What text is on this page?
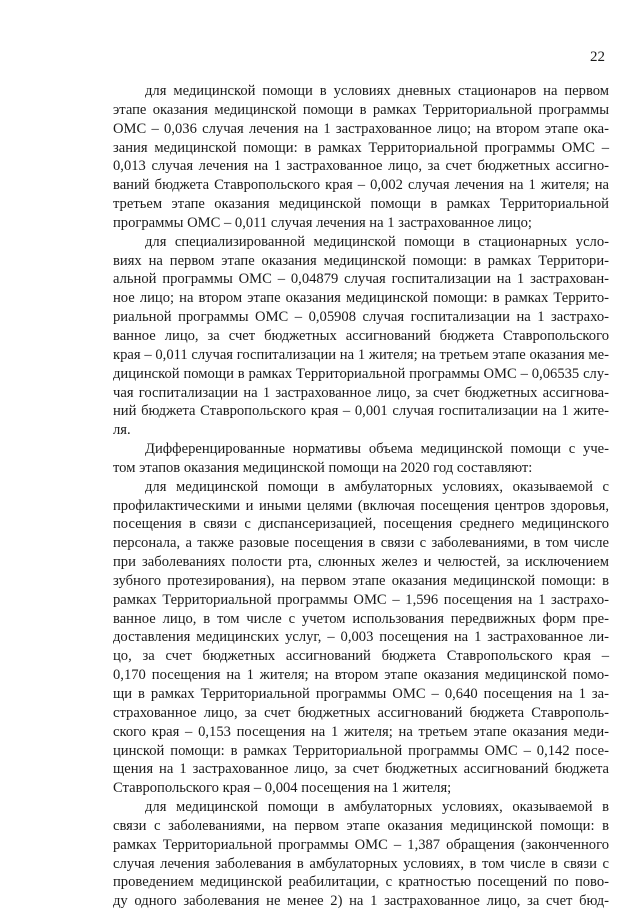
22
для медицинской помощи в условиях дневных стационаров на первом
этапе оказания медицинской помощи в рамках Территориальной программы
ОМС – 0,036 случая лечения на 1 застрахованное лицо; на втором этапе ока-
зания медицинской помощи: в рамках Территориальной программы ОМС –
0,013 случая лечения на 1 застрахованное лицо, за счет бюджетных ассигно-
ваний бюджета Ставропольского края – 0,002 случая лечения на 1 жителя; на
третьем этапе оказания медицинской помощи в рамках Территориальной
программы ОМС – 0,011 случая лечения на 1 застрахованное лицо;
для специализированной медицинской помощи в стационарных усло-
виях на первом этапе оказания медицинской помощи: в рамках Территори-
альной программы ОМС – 0,04879 случая госпитализации на 1 застрахован-
ное лицо; на втором этапе оказания медицинской помощи: в рамках Террито-
риальной программы ОМС – 0,05908 случая госпитализации на 1 застрахо-
ванное лицо, за счет бюджетных ассигнований бюджета Ставропольского
края – 0,011 случая госпитализации на 1 жителя; на третьем этапе оказания ме-
дицинской помощи в рамках Территориальной программы ОМС – 0,06535 слу-
чая госпитализации на 1 застрахованное лицо, за счет бюджетных ассигнова-
ний бюджета Ставропольского края – 0,001 случая госпитализации на 1 жите-
ля.
Дифференцированные нормативы объема медицинской помощи с уче-
том этапов оказания медицинской помощи на 2020 год составляют:
для медицинской помощи в амбулаторных условиях, оказываемой с
профилактическими и иными целями (включая посещения центров здоровья,
посещения в связи с диспансеризацией, посещения среднего медицинского
персонала, а также разовые посещения в связи с заболеваниями, в том числе
при заболеваниях полости рта, слюнных желез и челюстей, за исключением
зубного протезирования), на первом этапе оказания медицинской помощи: в
рамках Территориальной программы ОМС – 1,596 посещения на 1 застрахо-
ванное лицо, в том числе с учетом использования передвижных форм пре-
доставления медицинских услуг, – 0,003 посещения на 1 застрахованное ли-
цо, за счет бюджетных ассигнований бюджета Ставропольского края –
0,170 посещения на 1 жителя; на втором этапе оказания медицинской помо-
щи в рамках Территориальной программы ОМС – 0,640 посещения на 1 за-
страхованное лицо, за счет бюджетных ассигнований бюджета Ставрополь-
ского края – 0,153 посещения на 1 жителя; на третьем этапе оказания меди-
цинской помощи: в рамках Территориальной программы ОМС – 0,142 посе-
щения на 1 застрахованное лицо, за счет бюджетных ассигнований бюджета
Ставропольского края – 0,004 посещения на 1 жителя;
для медицинской помощи в амбулаторных условиях, оказываемой в
связи с заболеваниями, на первом этапе оказания медицинской помощи: в
рамках Территориальной программы ОМС – 1,387 обращения (законченного
случая лечения заболевания в амбулаторных условиях, в том числе в связи с
проведением медицинской реабилитации, с кратностью посещений по пово-
ду одного заболевания не менее 2) на 1 застрахованное лицо, за счет бюд-
